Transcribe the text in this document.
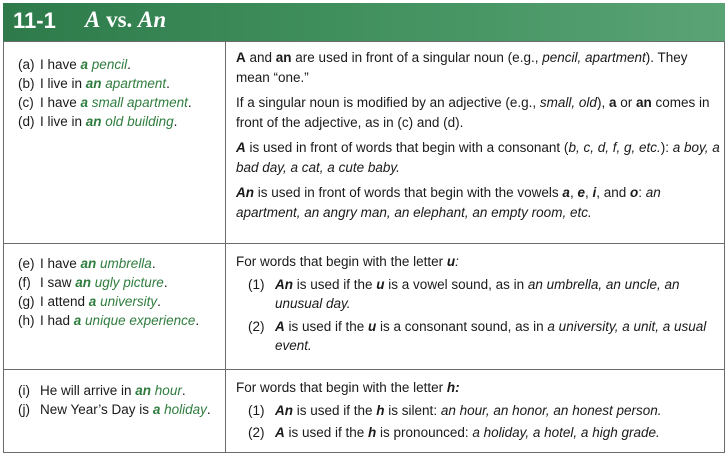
11-1 A vs. An
(a) I have a pencil.
(b) I live in an apartment.
(c) I have a small apartment.
(d) I live in an old building.

A and an are used in front of a singular noun (e.g., pencil, apartment). They mean “one.”

If a singular noun is modified by an adjective (e.g., small, old), a or an comes in front of the adjective, as in (c) and (d).

A is used in front of words that begin with a consonant (b, c, d, f, g, etc.): a boy, a bad day, a cat, a cute baby.

An is used in front of words that begin with the vowels a, e, i, and o: an apartment, an angry man, an elephant, an empty room, etc.

(e) I have an umbrella.
(f) I saw an ugly picture.
(g) I attend a university.
(h) I had a unique experience.

For words that begin with the letter u:

(1) An is used if the u is a vowel sound, as in an umbrella, an uncle, an unusual day.
(2) A is used if the u is a consonant sound, as in a university, a unit, a usual event.
(i) He will arrive in an hour.
(j) New Year’s Day is a holiday.

For words that begin with the letter h:

(1) An is used if the h is silent: an hour, an honor, an honest person.
(2) A is used if the h is pronounced: a holiday, a hotel, a high grade.
